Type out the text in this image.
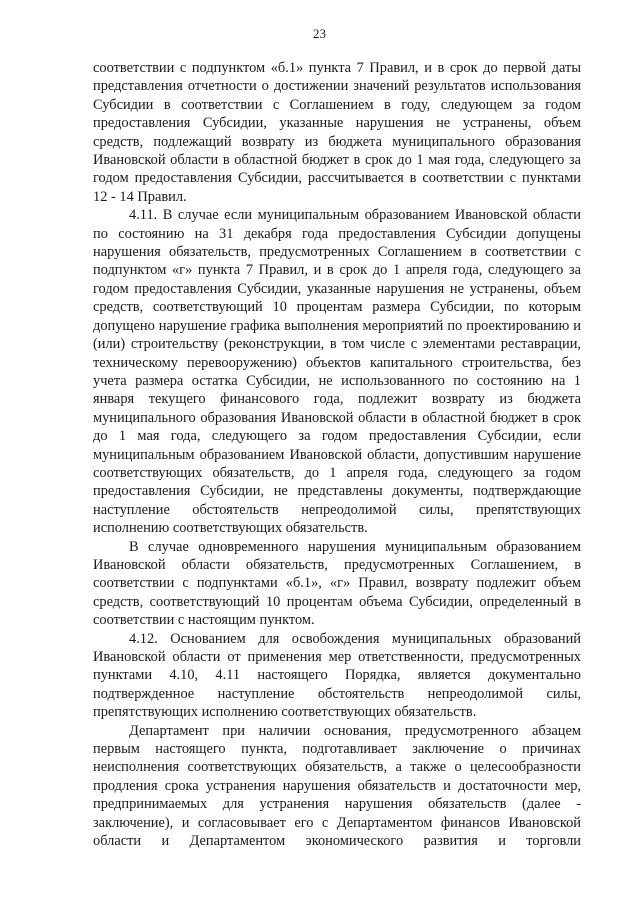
23

соответствии с подпунктом «б.1» пункта 7 Правил, и в срок до первой даты представления отчетности о достижении значений результатов использования Субсидии в соответствии с Соглашением в году, следующем за годом предоставления Субсидии, указанные нарушения не устранены, объем средств, подлежащий возврату из бюджета муниципального образования Ивановской области в областной бюджет в срок до 1 мая года, следующего за годом предоставления Субсидии, рассчитывается в соответствии с пунктами 12 - 14 Правил.

4.11. В случае если муниципальным образованием Ивановской области по состоянию на 31 декабря года предоставления Субсидии допущены нарушения обязательств, предусмотренных Соглашением в соответствии с подпунктом «г» пункта 7 Правил, и в срок до 1 апреля года, следующего за годом предоставления Субсидии, указанные нарушения не устранены, объем средств, соответствующий 10 процентам размера Субсидии, по которым допущено нарушение графика выполнения мероприятий по проектированию и (или) строительству (реконструкции, в том числе с элементами реставрации, техническому перевооружению) объектов капитального строительства, без учета размера остатка Субсидии, не использованного по состоянию на 1 января текущего финансового года, подлежит возврату из бюджета муниципального образования Ивановской области в областной бюджет в срок до 1 мая года, следующего за годом предоставления Субсидии, если муниципальным образованием Ивановской области, допустившим нарушение соответствующих обязательств, до 1 апреля года, следующего за годом предоставления Субсидии, не представлены документы, подтверждающие наступление обстоятельств непреодолимой силы, препятствующих исполнению соответствующих обязательств.

В случае одновременного нарушения муниципальным образованием Ивановской области обязательств, предусмотренных Соглашением, в соответствии с подпунктами «б.1», «г» Правил, возврату подлежит объем средств, соответствующий 10 процентам объема Субсидии, определенный в соответствии с настоящим пунктом.

4.12. Основанием для освобождения муниципальных образований Ивановской области от применения мер ответственности, предусмотренных пунктами 4.10, 4.11 настоящего Порядка, является документально подтвержденное наступление обстоятельств непреодолимой силы, препятствующих исполнению соответствующих обязательств.

Департамент при наличии основания, предусмотренного абзацем первым настоящего пункта, подготавливает заключение о причинах неисполнения соответствующих обязательств, а также о целесообразности продления срока устранения нарушения обязательств и достаточности мер, предпринимаемых для устранения нарушения обязательств (далее - заключение), и согласовывает его с Департаментом финансов Ивановской области и Департаментом экономического развития и торговли
